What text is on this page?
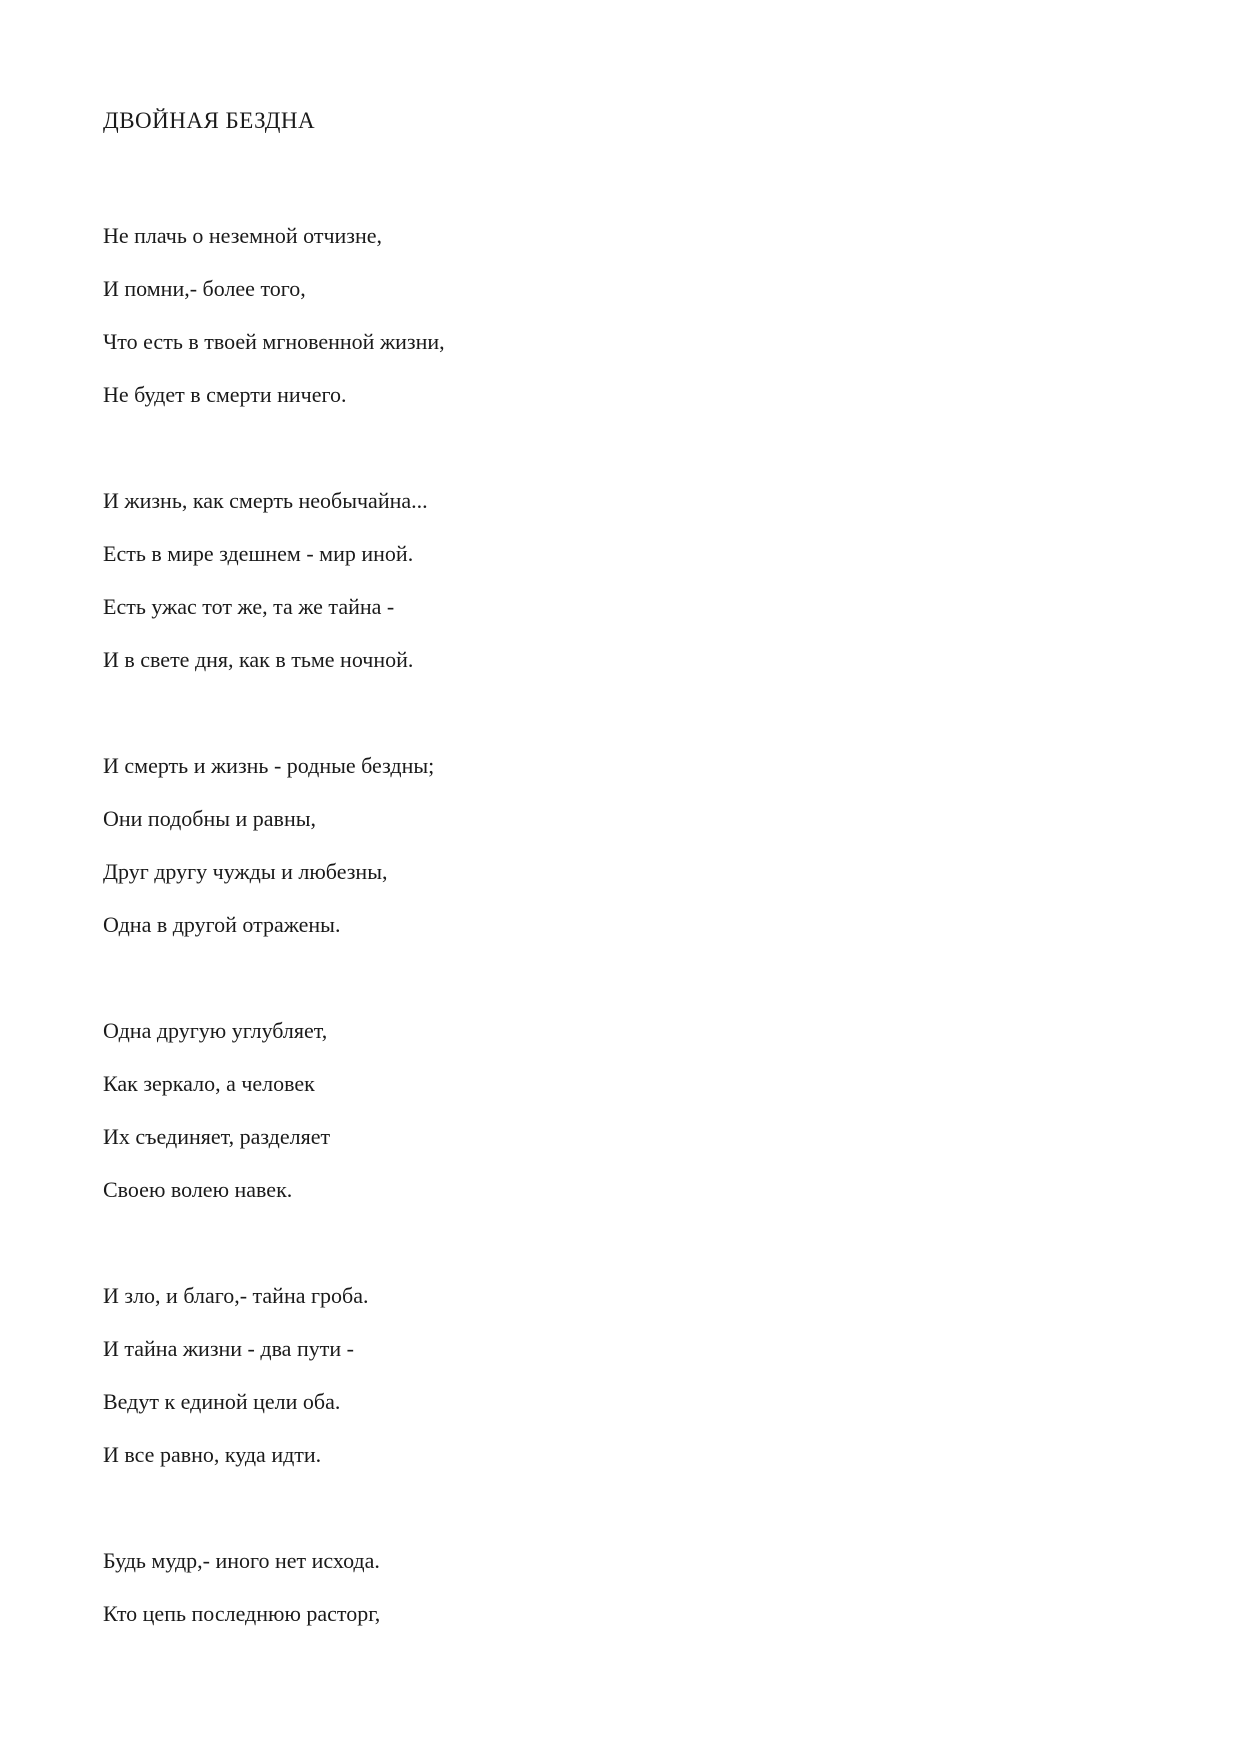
ДВОЙНАЯ БЕЗДНА

Не плачь о неземной отчизне,

И помни,- более того,

Что есть в твоей мгновенной жизни,

Не будет в смерти ничего.

И жизнь, как смерть необычайна...

Есть в мире здешнем - мир иной.

Есть ужас тот же, та же тайна -

И в свете дня, как в тьме ночной.

И смерть и жизнь - родные бездны;

Они подобны и равны,

Друг другу чужды и любезны,

Одна в другой отражены.

Одна другую углубляет,

Как зеркало, а человек

Их съединяет, разделяет

Своею волею навек.

И зло, и благо,- тайна гроба.

И тайна жизни - два пути -

Ведут к единой цели оба.

И все равно, куда идти.

Будь мудр,- иного нет исхода.

Кто цепь последнюю расторг,
